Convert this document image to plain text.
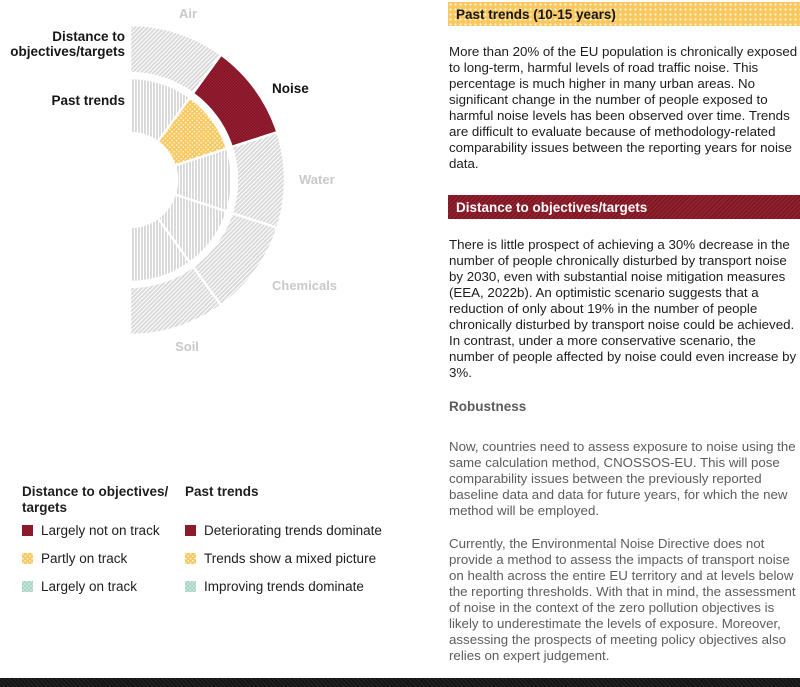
Air
Noise
Water
Chemicals
Soil
Distance to objectives/targets
Past trends
Distance to objectives/ targets
Past trends
Largely not on track
Partly on track
Largely on track
Deteriorating trends dominate
Trends show a mixed picture
Improving trends dominate
Past trends (10-15 years)

More than 20% of the EU population is chronically exposed to long-term, harmful levels of road traffic noise. This percentage is much higher in many urban areas. No significant change in the number of people exposed to harmful noise levels has been observed over time. Trends are difficult to evaluate because of methodology-related comparability issues between the reporting years for noise data.

Distance to objectives/targets

There is little prospect of achieving a 30% decrease in the number of people chronically disturbed by transport noise by 2030, even with substantial noise mitigation measures (EEA, 2022b). An optimistic scenario suggests that a reduction of only about 19% in the number of people chronically disturbed by transport noise could be achieved. In contrast, under a more conservative scenario, the number of people affected by noise could even increase by 3%.

Robustness

Now, countries need to assess exposure to noise using the same calculation method, CNOSSOS-EU. This will pose comparability issues between the previously reported baseline data and data for future years, for which the new method will be employed.

Currently, the Environmental Noise Directive does not provide a method to assess the impacts of transport noise on health across the entire EU territory and at levels below the reporting thresholds. With that in mind, the assessment of noise in the context of the zero pollution objectives is likely to underestimate the levels of exposure. Moreover, assessing the prospects of meeting policy objectives also relies on expert judgement.
